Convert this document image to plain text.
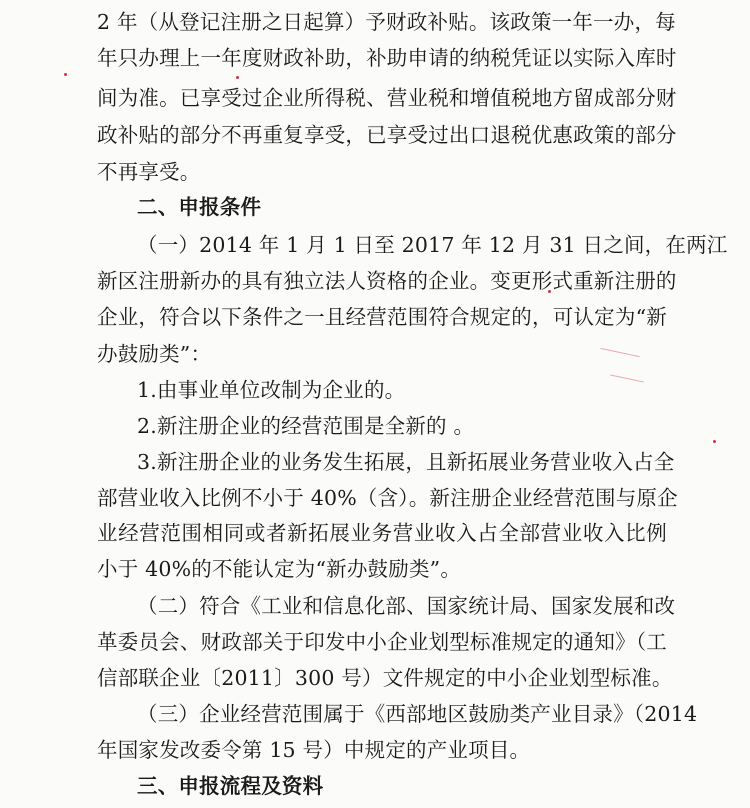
2 年（从登记注册之日起算）予财政补贴。该政策一年一办，每
年只办理上一年度财政补助，补助申请的纳税凭证以实际入库时
间为准。已享受过企业所得税、营业税和增值税地方留成部分财
政补贴的部分不再重复享受，已享受过出口退税优惠政策的部分
不再享受。
二、申报条件
（一）2014 年 1 月 1 日至 2017 年 12 月 31 日之间，在两江
新区注册新办的具有独立法人资格的企业。变更形式重新注册的
企业，符合以下条件之一且经营范围符合规定的，可认定为“新
办鼓励类”：
1.由事业单位改制为企业的。
2.新注册企业的经营范围是全新的 。
3.新注册企业的业务发生拓展，且新拓展业务营业收入占全
部营业收入比例不小于 40%（含）。新注册企业经营范围与原企
业经营范围相同或者新拓展业务营业收入占全部营业收入比例
小于 40%的不能认定为“新办鼓励类”。
（二）符合《工业和信息化部、国家统计局、国家发展和改
革委员会、财政部关于印发中小企业划型标准规定的通知》（工
信部联企业〔2011〕300 号）文件规定的中小企业划型标准。
（三）企业经营范围属于《西部地区鼓励类产业目录》（2014
年国家发改委令第 15 号）中规定的产业项目。
三、申报流程及资料
